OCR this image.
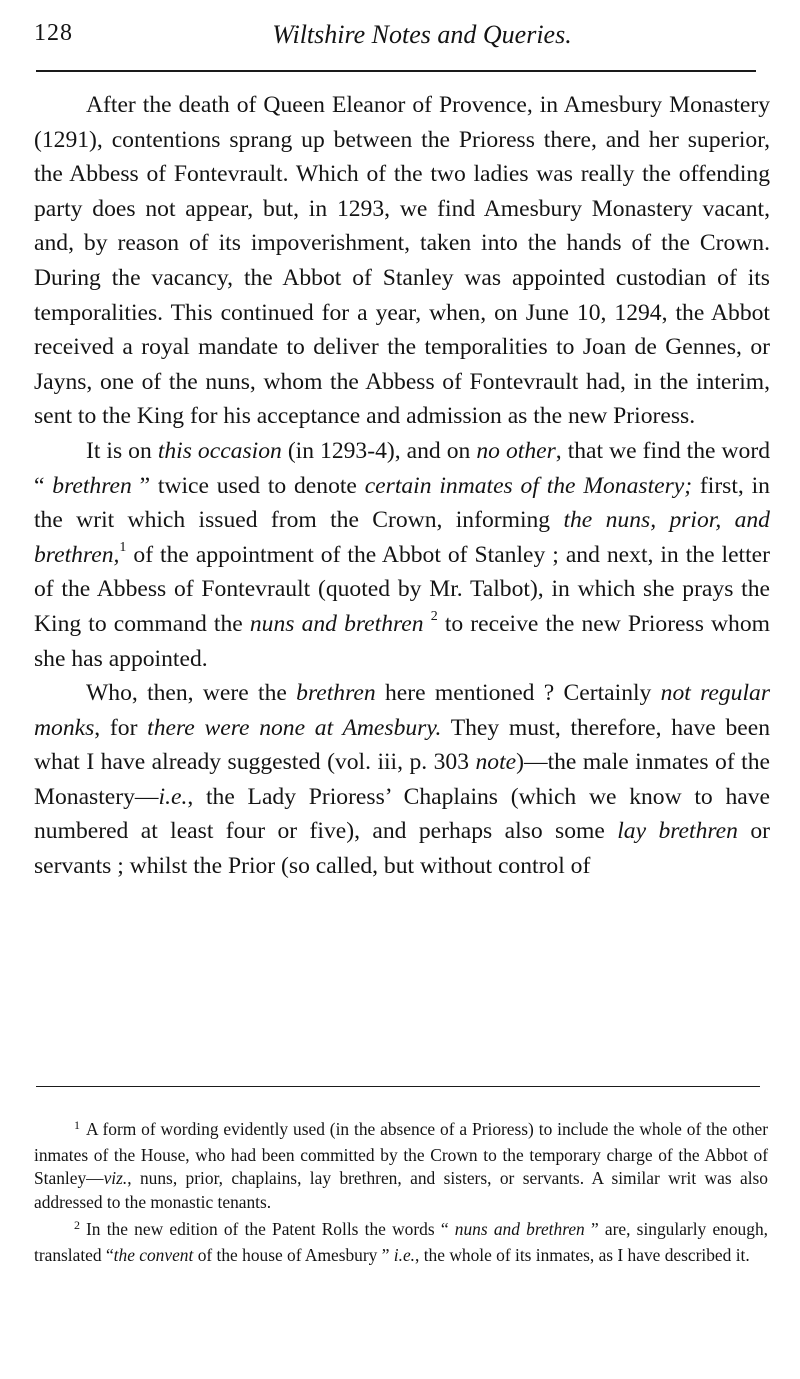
128	Wiltshire Notes and Queries.

After the death of Queen Eleanor of Provence, in Amesbury Monastery (1291), contentions sprang up between the Prioress there, and her superior, the Abbess of Fontevrault. Which of the two ladies was really the offending party does not appear, but, in 1293, we find Amesbury Monastery vacant, and, by reason of its impoverishment, taken into the hands of the Crown. During the vacancy, the Abbot of Stanley was appointed custodian of its temporalities. This continued for a year, when, on June 10, 1294, the Abbot received a royal mandate to deliver the temporalities to Joan de Gennes, or Jayns, one of the nuns, whom the Abbess of Fontevrault had, in the interim, sent to the King for his acceptance and admission as the new Prioress.

It is on this occasion (in 1293-4), and on no other, that we find the word “ brethren ” twice used to denote certain inmates of the Monastery; first, in the writ which issued from the Crown, informing the nuns, prior, and brethren,$^1$ of the appointment of the Abbot of Stanley ; and next, in the letter of the Abbess of Fontevrault (quoted by Mr. Talbot), in which she prays the King to command the nuns and brethren $^2$ to receive the new Prioress whom she has appointed.

Who, then, were the brethren here mentioned ? Certainly not regular monks, for there were none at Amesbury. They must, therefore, have been what I have already suggested (vol. iii, p. 303 note)—the male inmates of the Monastery—i.e., the Lady Prioress’ Chaplains (which we know to have numbered at least four or five), and perhaps also some lay brethren or servants ; whilst the Prior (so called, but without control of

$^1$ A form of wording evidently used (in the absence of a Prioress) to include the whole of the other inmates of the House, who had been committed by the Crown to the temporary charge of the Abbot of Stanley—viz., nuns, prior, chaplains, lay brethren, and sisters, or servants. A similar writ was also addressed to the monastic tenants.

$^2$ In the new edition of the Patent Rolls the words “ nuns and brethren ” are, singularly enough, translated “the convent of the house of Amesbury ” i.e., the whole of its inmates, as I have described it.
